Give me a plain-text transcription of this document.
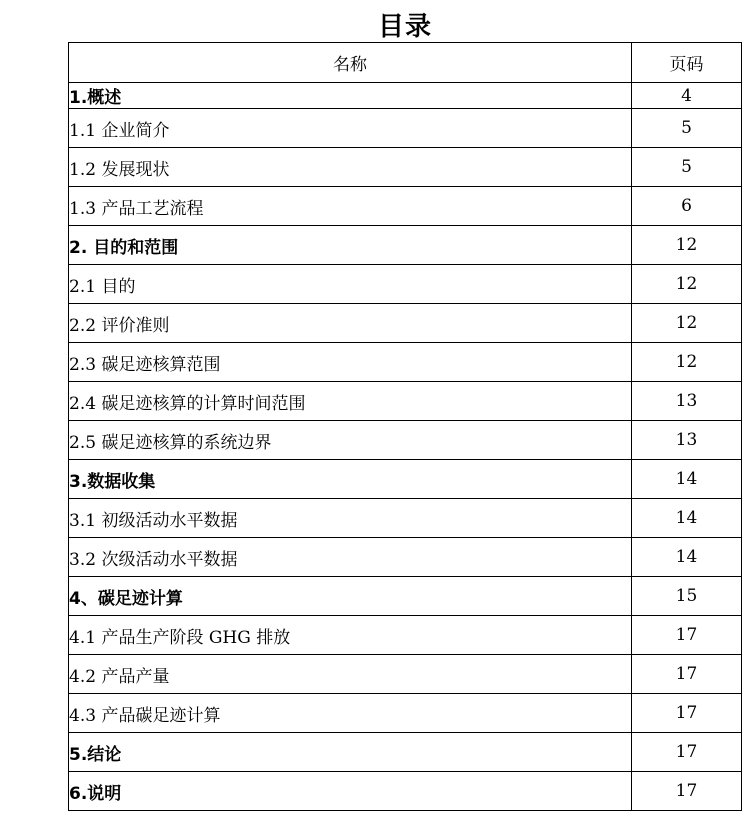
目录
名称	页码
1.概述	4
1.1 企业简介	5
1.2 发展现状	5
1.3 产品工艺流程	6
2. 目的和范围	12
2.1 目的	12
2.2 评价准则	12
2.3 碳足迹核算范围	12
2.4 碳足迹核算的计算时间范围	13
2.5 碳足迹核算的系统边界	13
3.数据收集	14
3.1 初级活动水平数据	14
3.2 次级活动水平数据	14
4、碳足迹计算	15
4.1 产品生产阶段 GHG 排放	17
4.2 产品产量	17
4.3 产品碳足迹计算	17
5.结论	17
6.说明	17
